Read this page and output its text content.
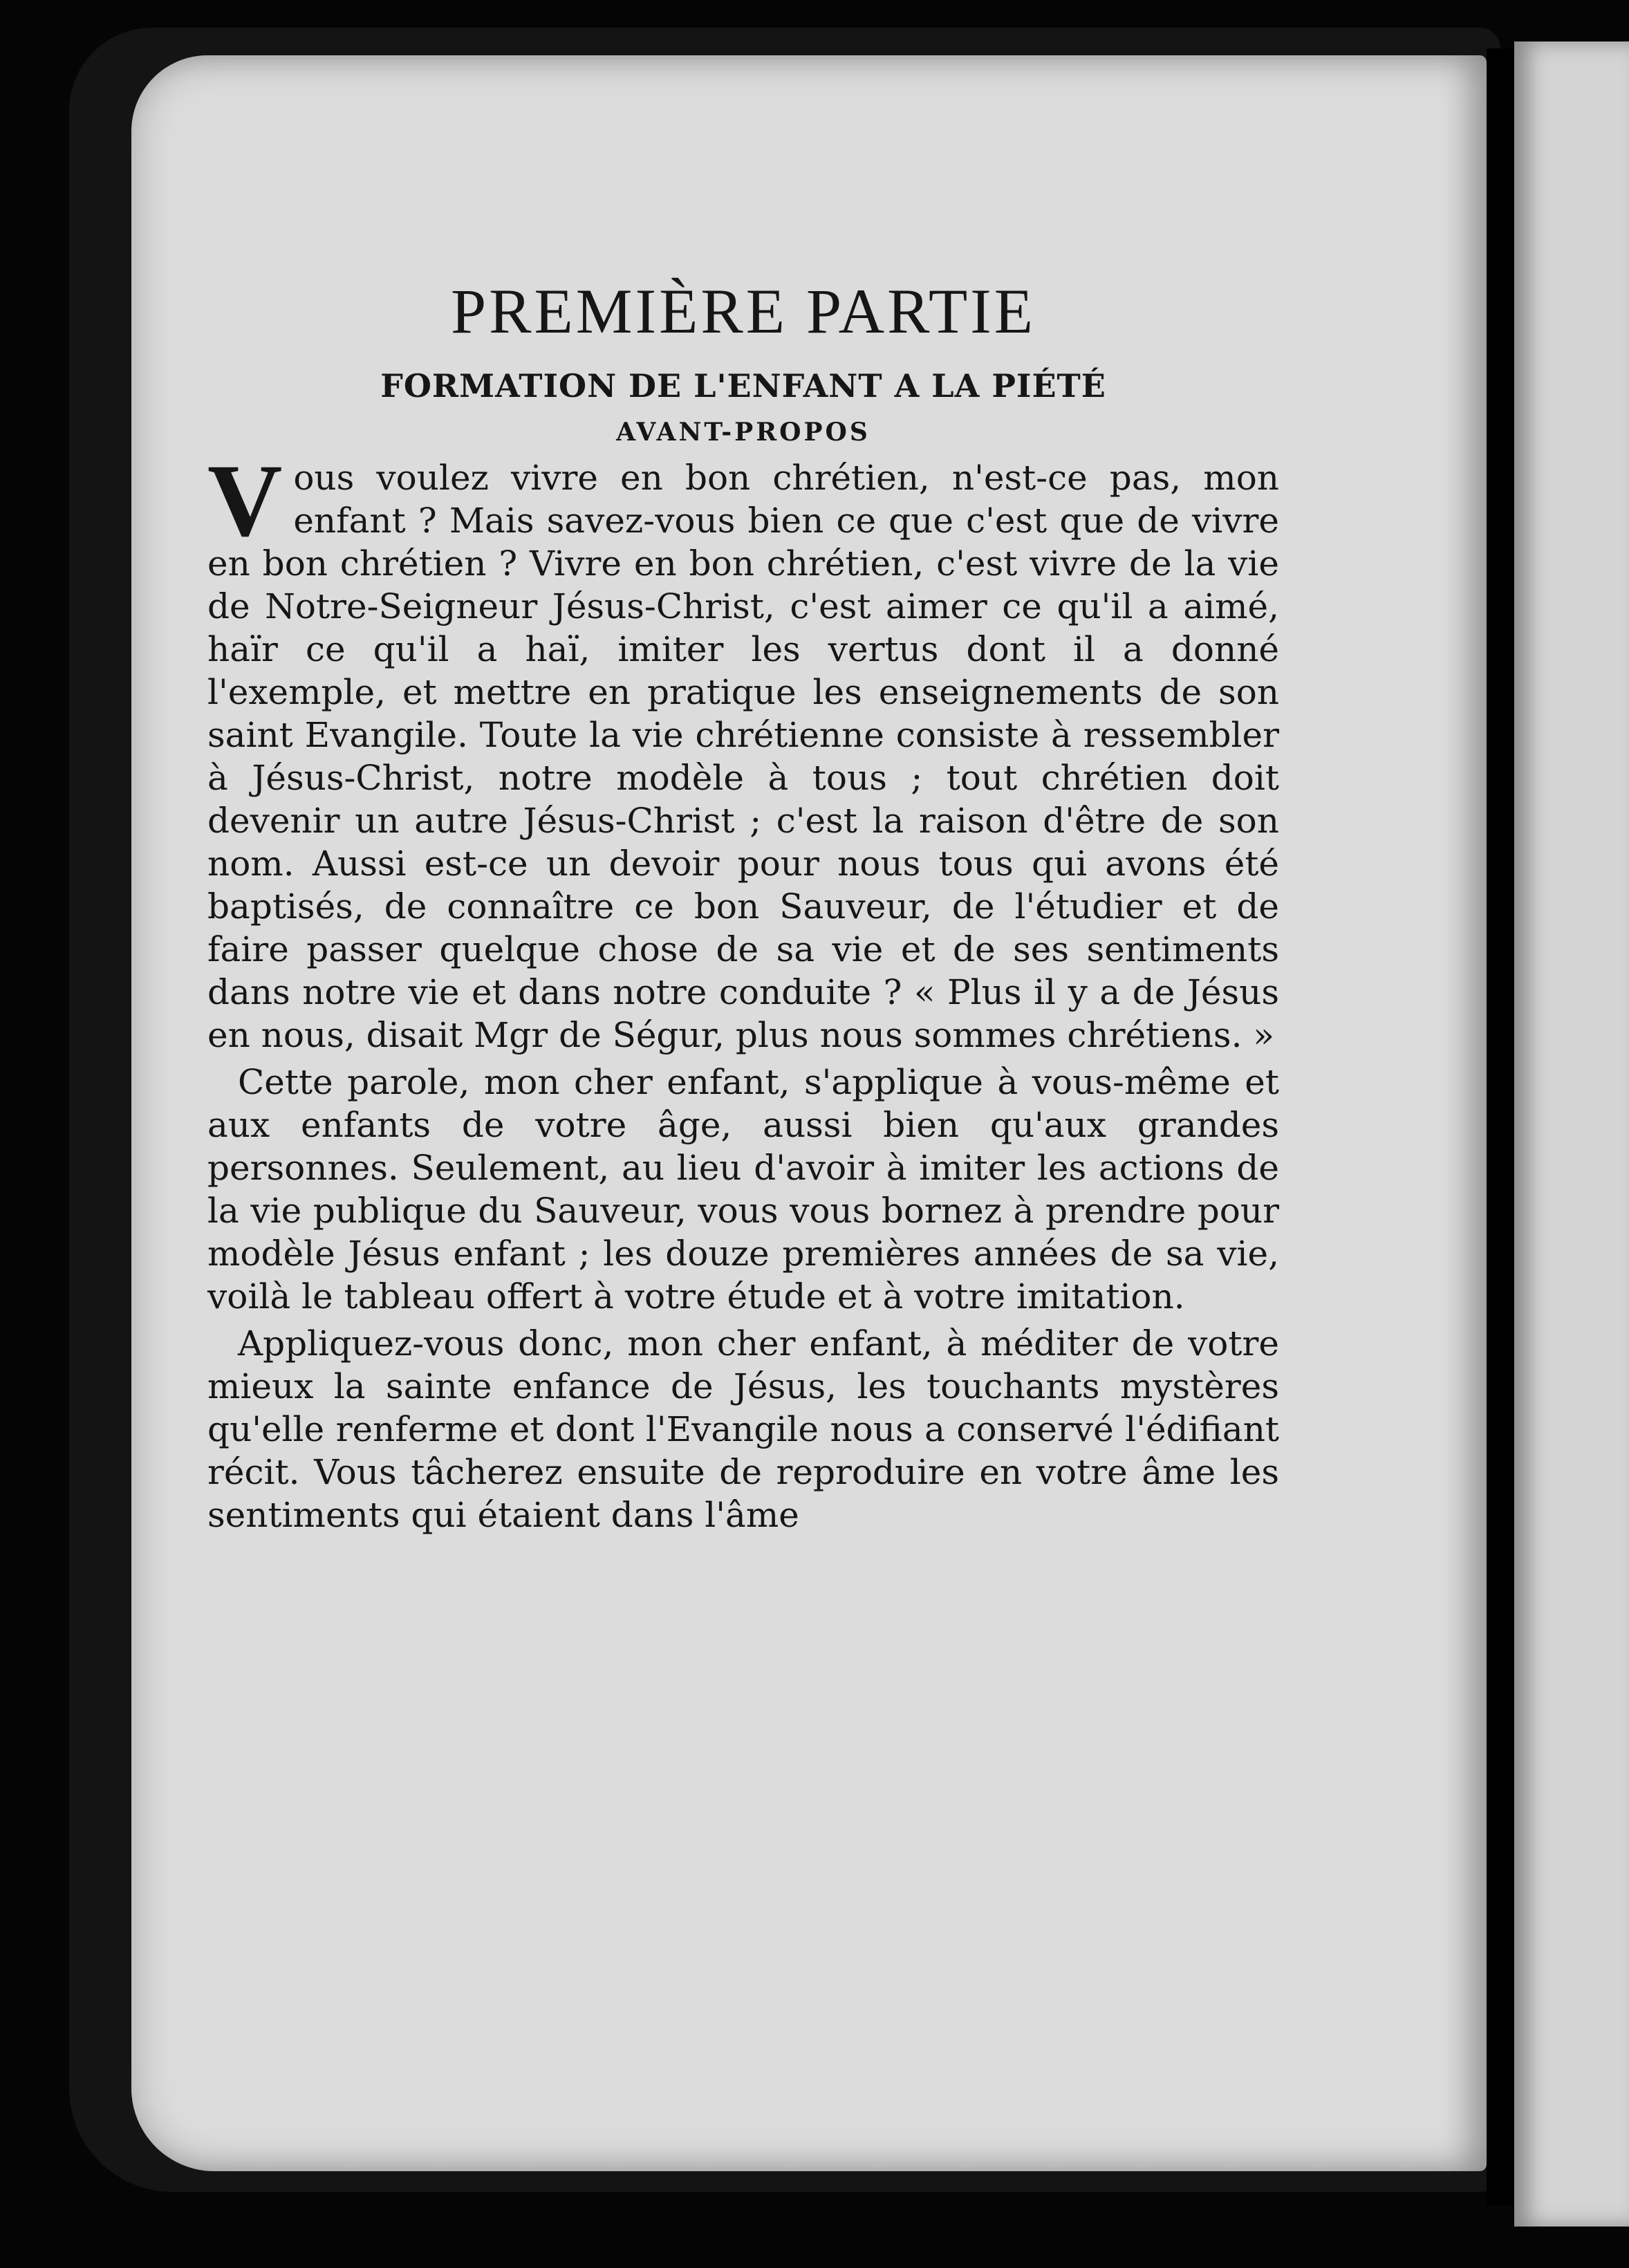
PREMIÈRE PARTIE
FORMATION DE L'ENFANT A LA PIÉTÉ
AVANT-PROPOS

Vous voulez vivre en bon chrétien, n'est-ce pas, mon enfant ? Mais savez-vous bien ce que c'est que de vivre en bon chrétien ? Vivre en bon chrétien, c'est vivre de la vie de Notre-Seigneur Jésus-Christ, c'est aimer ce qu'il a aimé, haïr ce qu'il a haï, imiter les vertus dont il a donné l'exemple, et mettre en pratique les enseignements de son saint Evangile. Toute la vie chrétienne consiste à ressembler à Jésus-Christ, notre modèle à tous ; tout chrétien doit devenir un autre Jésus-Christ ; c'est la raison d'être de son nom. Aussi est-ce un devoir pour nous tous qui avons été baptisés, de connaître ce bon Sauveur, de l'étudier et de faire passer quelque chose de sa vie et de ses sentiments dans notre vie et dans notre conduite ? « Plus il y a de Jésus en nous, disait Mgr de Ségur, plus nous sommes chrétiens. »

Cette parole, mon cher enfant, s'applique à vous-même et aux enfants de votre âge, aussi bien qu'aux grandes personnes. Seulement, au lieu d'avoir à imiter les actions de la vie publique du Sauveur, vous vous bornez à prendre pour modèle Jésus enfant ; les douze premières années de sa vie, voilà le tableau offert à votre étude et à votre imitation.

Appliquez-vous donc, mon cher enfant, à méditer de votre mieux la sainte enfance de Jésus, les touchants mystères qu'elle renferme et dont l'Evangile nous a conservé l'édifiant récit. Vous tâcherez ensuite de reproduire en votre âme les sentiments qui étaient dans l'âme
